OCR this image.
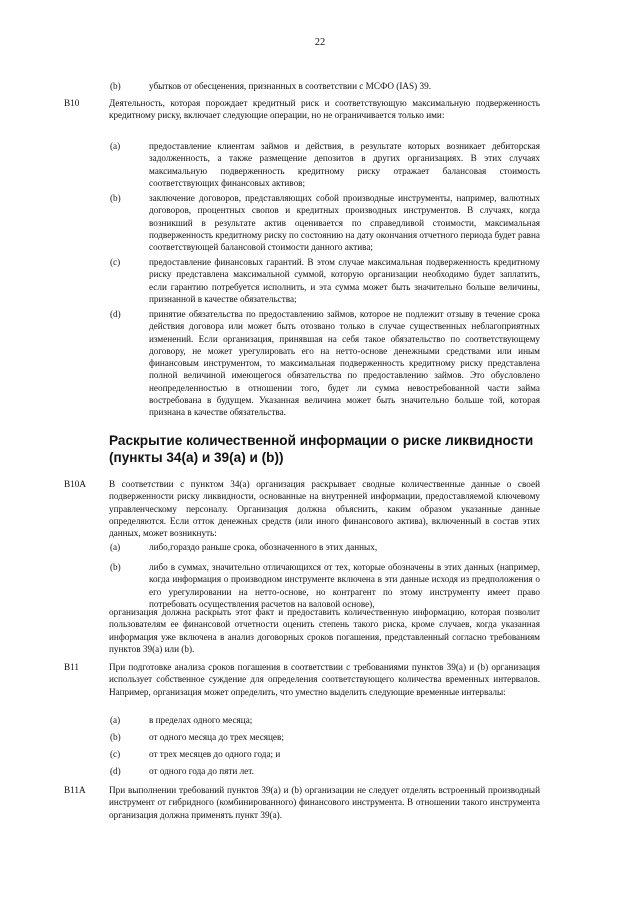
22
(b)	убытков от обесценения, признанных в соответствии с МСФО (IAS) 39.
B10	Деятельность, которая порождает кредитный риск и соответствующую максимальную подверженность кредитному риску, включает следующие операции, но не ограничивается только ими:
(a)	предоставление клиентам займов и действия, в результате которых возникает дебиторская задолженность, а также размещение депозитов в других организациях. В этих случаях максимальную подверженность кредитному риску отражает балансовая стоимость соответствующих финансовых активов;
(b)	заключение договоров, представляющих собой производные инструменты, например, валютных договоров, процентных свопов и кредитных производных инструментов. В случаях, когда возникший в результате актив оценивается по справедливой стоимости, максимальная подверженность кредитному риску по состоянию на дату окончания отчетного периода будет равна соответствующей балансовой стоимости данного актива;
(c)	предоставление финансовых гарантий. В этом случае максимальная подверженность кредитному риску представлена максимальной суммой, которую организации необходимо будет заплатить, если гарантию потребуется исполнить, и эта сумма может быть значительно больше величины, признанной в качестве обязательства;
(d)	принятие обязательства по предоставлению займов, которое не подлежит отзыву в течение срока действия договора или может быть отозвано только в случае существенных неблагоприятных изменений. Если организация, принявшая на себя такое обязательство по соответствующему договору, не может урегулировать его на нетто-основе денежными средствами или иным финансовым инструментом, то максимальная подверженность кредитному риску представлена полной величиной имеющегося обязательства по предоставлению займов. Это обусловлено неопределенностью в отношении того, будет ли сумма невостребованной части займа востребована в будущем. Указанная величина может быть значительно больше той, которая признана в качестве обязательства.
Раскрытие количественной информации о риске ликвидности (пункты 34(a) и 39(a) и (b))
B10A	В соответствии с пунктом 34(a) организация раскрывает сводные количественные данные о своей подверженности риску ликвидности, основанные на внутренней информации, предоставляемой ключевому управленческому персоналу. Организация должна объяснить, каким образом указанные данные определяются. Если отток денежных средств (или иного финансового актива), включенный в состав этих данных, может возникнуть:
(a)	либо,гораздо раньше срока, обозначенного в этих данных,
(b)	либо в суммах, значительно отличающихся от тех, которые обозначены в этих данных (например, когда информация о производном инструменте включена в эти данные исходя из предположения о его урегулировании на нетто-основе, но контрагент по этому инструменту имеет право потребовать осуществления расчетов на валовой основе),
организация должна раскрыть этот факт и предоставить количественную информацию, которая позволит пользователям ее финансовой отчетности оценить степень такого риска, кроме случаев, когда указанная информация уже включена в анализ договорных сроков погашения, представленный согласно требованиям пунктов 39(a) или (b).
B11	При подготовке анализа сроков погашения в соответствии с требованиями пунктов 39(a) и (b) организация использует собственное суждение для определения соответствующего количества временных интервалов. Например, организация может определить, что уместно выделить следующие временные интервалы:
(a)	в пределах одного месяца;
(b)	от одного месяца до трех месяцев;
(c)	от трех месяцев до одного года; и
(d)	от одного года до пяти лет.
B11A	При выполнении требований пунктов 39(a) и (b) организации не следует отделять встроенный производный инструмент от гибридного (комбинированного) финансового инструмента. В отношении такого инструмента организация должна применять пункт 39(a).
